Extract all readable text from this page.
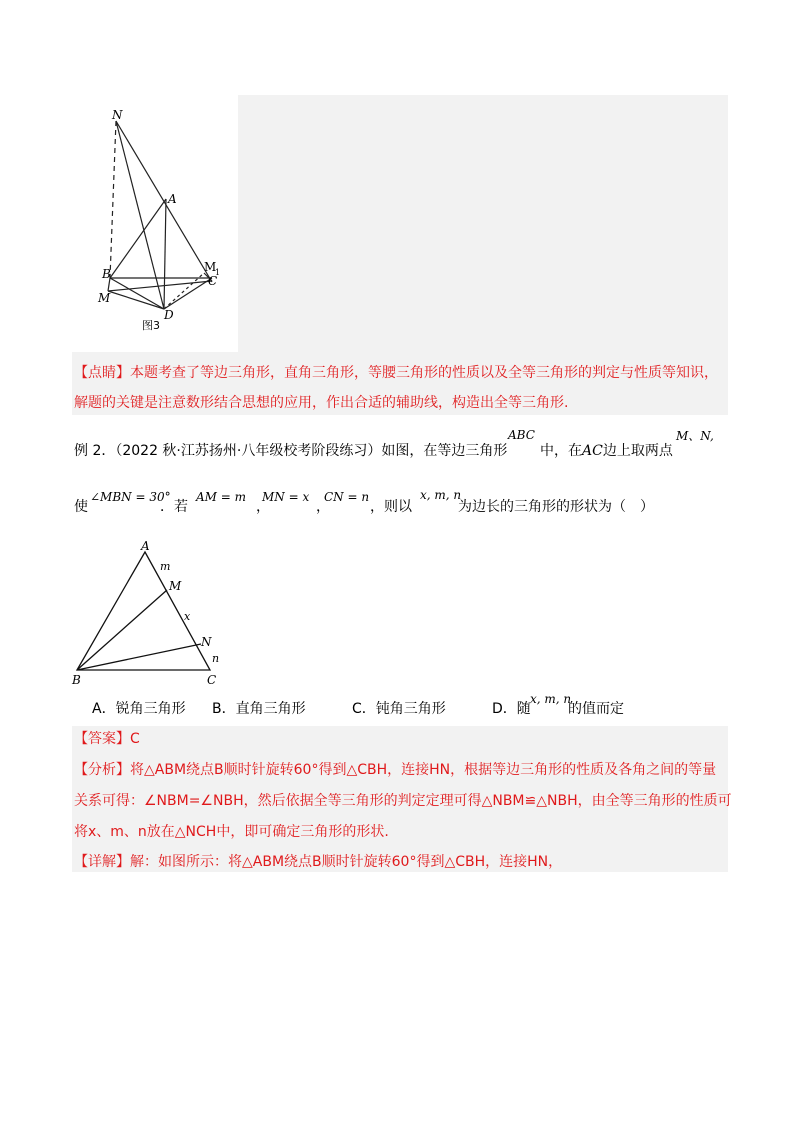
N
A
B
M
M
1
C
D
图3
【点睛】本题考查了等边三角形，直角三角形，等腰三角形的性质以及全等三角形的判定与性质等知识，
解题的关键是注意数形结合思想的应用，作出合适的辅助线，构造出全等三角形.
例 2．（2022 秋·江苏扬州·八年级校考阶段练习）如图，在等边三角形
ABC
中，在AC边上取两点
M、N,
使
∠MBN = 30°
．若
AM = m
，
MN = x
，
CN = n
，则以
x, m, n
为边长的三角形的形状为（　）
A
m
M
x
N
n
B	C
A．锐角三角形 B．直角三角形	C．钝角三角形	D．随
x, m, n
的值而定
【答案】C
【分析】将△ABM绕点B顺时针旋转60°得到△CBH，连接HN，根据等边三角形的性质及各角之间的等量
关系可得：∠NBM=∠NBH，然后依据全等三角形的判定定理可得△NBM≌△NBH，由全等三角形的性质可
将x、m、n放在△NCH中，即可确定三角形的形状.
【详解】解：如图所示：将△ABM绕点B顺时针旋转60°得到△CBH，连接HN，
